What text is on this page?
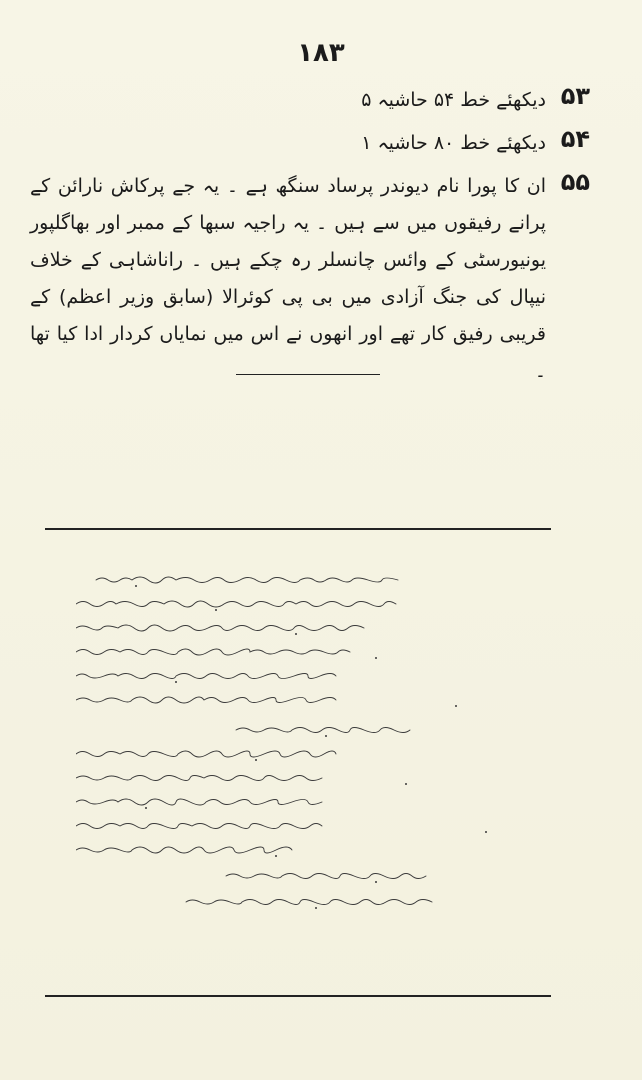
۱۸۳
۵۳
دیکھئے خط ۵۴ حاشیہ ۵
۵۴
دیکھئے خط ۸۰ حاشیہ ۱
۵۵
ان کا پورا نام دیوندر پرساد سنگھ ہے ۔ یہ جے پرکاش نارائن کے پرانے رفیقوں میں سے ہیں ۔ یہ راجیہ سبھا کے ممبر اور بھاگلپور یونیورسٹی کے وائس چانسلر رہ چکے ہیں ۔ راناشاہی کے خلاف نیپال کی جنگ آزادی میں بی پی کوئرالا (سابق وزیر اعظم) کے قریبی رفیق کار تھے اور انھوں نے اس میں نمایاں کردار ادا کیا تھا ۔
